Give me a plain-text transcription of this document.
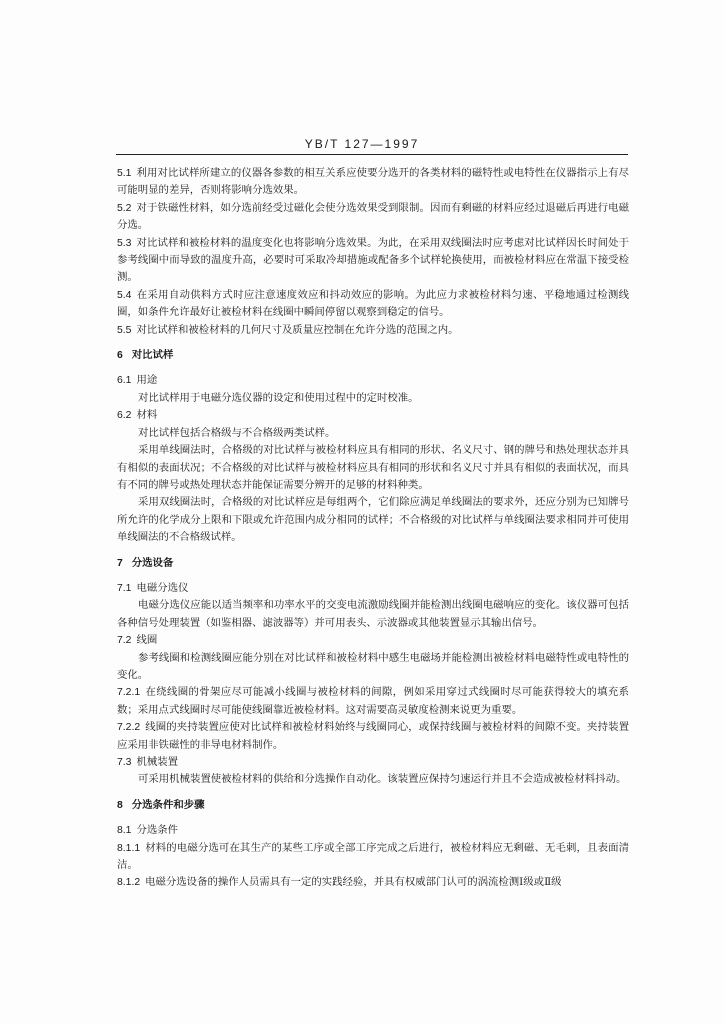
YB/T 127—1997

5.1 利用对比试样所建立的仪器各参数的相互关系应使要分选开的各类材料的磁特性或电特性在仪器指示上有尽可能明显的差异，否则将影响分选效果。

5.2 对于铁磁性材料，如分选前经受过磁化会使分选效果受到限制。因而有剩磁的材料应经过退磁后再进行电磁分选。

5.3 对比试样和被检材料的温度变化也将影响分选效果。为此，在采用双线圈法时应考虑对比试样因长时间处于参考线圈中而导致的温度升高，必要时可采取冷却措施或配备多个试样轮换使用，而被检材料应在常温下接受检测。

5.4 在采用自动供料方式时应注意速度效应和抖动效应的影响。为此应力求被检材料匀速、平稳地通过检测线圈，如条件允许最好让被检材料在线圈中瞬间停留以观察到稳定的信号。

5.5 对比试样和被检材料的几何尺寸及质量应控制在允许分选的范围之内。

6 对比试样

6.1 用途

对比试样用于电磁分选仪器的设定和使用过程中的定时校准。

6.2 材料

对比试样包括合格级与不合格级两类试样。

采用单线圈法时，合格级的对比试样与被检材料应具有相同的形状、名义尺寸、钢的牌号和热处理状态并具有相似的表面状况；不合格级的对比试样与被检材料应具有相同的形状和名义尺寸并具有相似的表面状况，而具有不同的牌号或热处理状态并能保证需要分辨开的足够的材料种类。

采用双线圈法时，合格级的对比试样应是每组两个，它们除应满足单线圈法的要求外，还应分别为已知牌号所允许的化学成分上限和下限或允许范围内成分相同的试样；不合格级的对比试样与单线圈法要求相同并可使用单线圈法的不合格级试样。

7 分选设备

7.1 电磁分选仪

电磁分选仪应能以适当频率和功率水平的交变电流激励线圈并能检测出线圈电磁响应的变化。该仪器可包括各种信号处理装置（如鉴相器、滤波器等）并可用表头、示波器或其他装置显示其输出信号。

7.2 线圈

参考线圈和检测线圈应能分别在对比试样和被检材料中感生电磁场并能检测出被检材料电磁特性或电特性的变化。

7.2.1 在绕线圈的骨架应尽可能减小线圈与被检材料的间隙，例如采用穿过式线圈时尽可能获得较大的填充系数；采用点式线圈时尽可能使线圈靠近被检材料。这对需要高灵敏度检测来说更为重要。

7.2.2 线圈的夹持装置应使对比试样和被检材料始终与线圈同心，或保持线圈与被检材料的间隙不变。夹持装置应采用非铁磁性的非导电材料制作。

7.3 机械装置

可采用机械装置使被检材料的供给和分选操作自动化。该装置应保持匀速运行并且不会造成被检材料抖动。

8 分选条件和步骤

8.1 分选条件

8.1.1 材料的电磁分选可在其生产的某些工序或全部工序完成之后进行，被检材料应无剩磁、无毛刺，且表面清洁。

8.1.2 电磁分选设备的操作人员需具有一定的实践经验，并具有权威部门认可的涡流检测Ⅰ级或Ⅱ级
